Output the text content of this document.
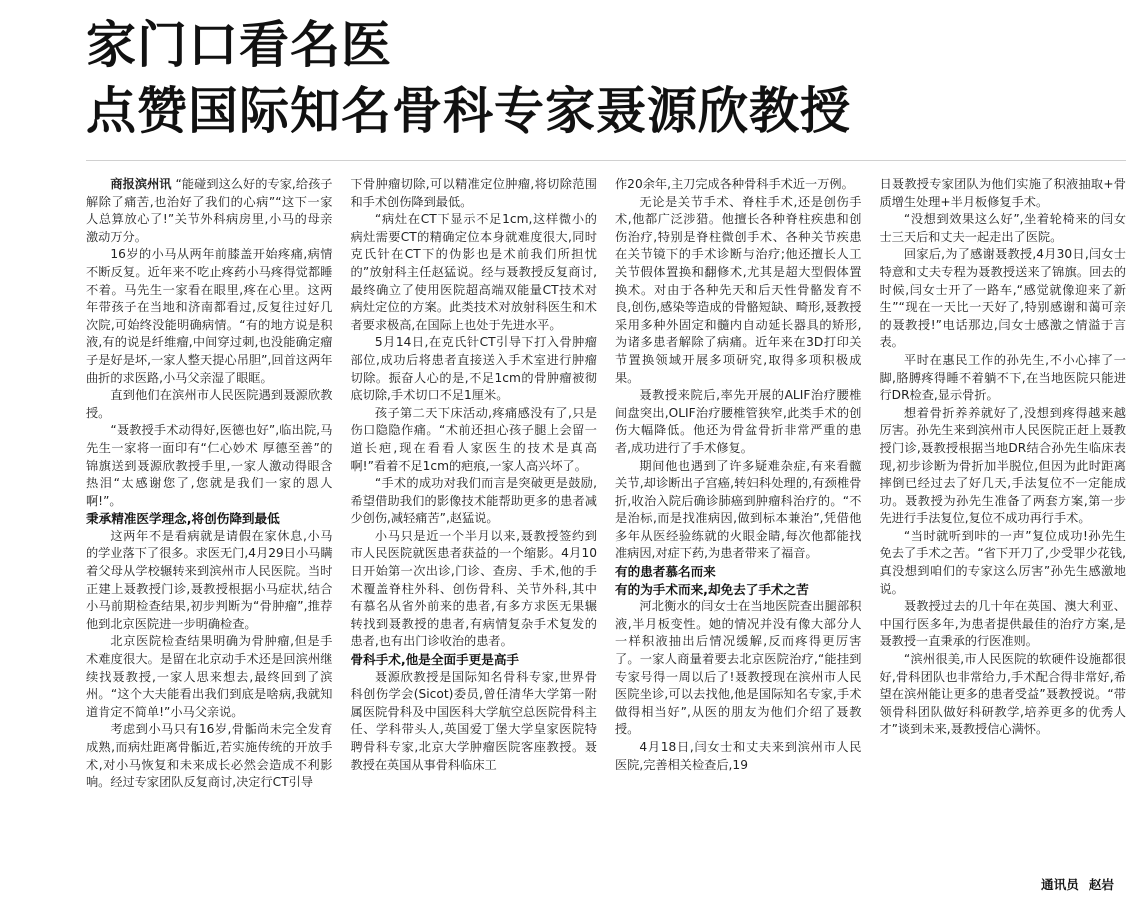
家门口看名医
点赞国际知名骨科专家聂源欣教授

商报滨州讯 “能碰到这么好的专家,给孩子解除了痛苦,也治好了我们的心病”“这下一家人总算放心了!”关节外科病房里,小马的母亲激动万分。

16岁的小马从两年前膝盖开始疼痛,病情不断反复。近年来不吃止疼药小马疼得觉都睡不着。马先生一家看在眼里,疼在心里。这两年带孩子在当地和济南都看过,反复往过好几次院,可始终没能明确病情。“有的地方说是积液,有的说是纤维瘤,中间穿过刺,也没能确定瘤子是好是坏,一家人整天提心吊胆”,回首这两年曲折的求医路,小马父亲湿了眼眶。

直到他们在滨州市人民医院遇到聂源欣教授。

“聂教授手术动得好,医德也好”,临出院,马先生一家将一面印有“仁心妙术 厚德至善”的锦旗送到聂源欣教授手里,一家人激动得眼含热泪“太感谢您了,您就是我们一家的恩人啊!”。

秉承精准医学理念,将创伤降到最低

这两年不是看病就是请假在家休息,小马的学业落下了很多。求医无门,4月29日小马瞒着父母从学校辗转来到滨州市人民医院。当时正建上聂教授门诊,聂教授根据小马症状,结合小马前期检查结果,初步判断为“骨肿瘤”,推荐他到北京医院进一步明确检查。

北京医院检查结果明确为骨肿瘤,但是手术难度很大。是留在北京动手术还是回滨州继续找聂教授,一家人思来想去,最终回到了滨州。“这个大夫能看出我们到底是啥病,我就知道肯定不简单!”小马父亲说。

考虑到小马只有16岁,骨骺尚未完全发育成熟,而病灶距离骨骺近,若实施传统的开放手术,对小马恢复和未来成长必然会造成不利影响。经过专家团队反复商讨,决定行CT引导

下骨肿瘤切除,可以精准定位肿瘤,将切除范围和手术创伤降到最低。

“病灶在CT下显示不足1cm,这样微小的病灶需要CT的精确定位本身就难度很大,同时克氏针在CT下的伪影也是术前我们所担忧的”放射科主任赵猛说。经与聂教授反复商讨,最终确立了使用医院超高端双能量CT技术对病灶定位的方案。此类技术对放射科医生和术者要求极高,在国际上也处于先进水平。

5月14日,在克氏针CT引导下打入骨肿瘤部位,成功后将患者直接送入手术室进行肿瘤切除。振奋人心的是,不足1cm的骨肿瘤被彻底切除,手术切口不足1厘米。

孩子第二天下床活动,疼痛感没有了,只是伤口隐隐作痛。“术前还担心孩子腿上会留一道长疤,现在看看人家医生的技术是真高啊!”看着不足1cm的疤痕,一家人高兴坏了。

“手术的成功对我们而言是突破更是鼓励,希望借助我们的影像技术能帮助更多的患者减少创伤,减轻痛苦”,赵猛说。

小马只是近一个半月以来,聂教授签约到市人民医院就医患者获益的一个缩影。4月10日开始第一次出诊,门诊、查房、手术,他的手术覆盖脊柱外科、创伤骨科、关节外科,其中有慕名从省外前来的患者,有多方求医无果辗转找到聂教授的患者,有病情复杂手术复发的患者,也有出门诊收治的患者。

骨科手术,他是全面手更是高手

聂源欣教授是国际知名骨科专家,世界骨科创伤学会(Sicot)委员,曾任清华大学第一附属医院骨科及中国医科大学航空总医院骨科主任、学科带头人,英国爱丁堡大学皇家医院特聘骨科专家,北京大学肿瘤医院客座教授。聂教授在英国从事骨科临床工

作20余年,主刀完成各种骨科手术近一万例。

无论是关节手术、脊柱手术,还是创伤手术,他都广泛涉猎。他擅长各种脊柱疾患和创伤治疗,特别是脊柱微创手术、各种关节疾患在关节镜下的手术诊断与治疗;他还擅长人工关节假体置换和翻修术,尤其是超大型假体置换术。对由于各种先天和后天性骨骼发育不良,创伤,感染等造成的骨骼短缺、畸形,聂教授采用多种外固定和髓内自动延长器具的矫形,为诸多患者解除了病痛。近年来在3D打印关节置换领域开展多项研究,取得多项积极成果。

聂教授来院后,率先开展的ALIF治疗腰椎间盘突出,OLIF治疗腰椎管狭窄,此类手术的创伤大幅降低。他还为骨盆骨折非常严重的患者,成功进行了手术修复。

期间他也遇到了许多疑难杂症,有来看髋关节,却诊断出子宫癌,转妇科处理的,有颈椎骨折,收治入院后确诊肺癌到肿瘤科治疗的。“不是治标,而是找准病因,做到标本兼治”,凭借他多年从医经验练就的火眼金睛,每次他都能找准病因,对症下药,为患者带来了福音。

有的患者慕名而来

有的为手术而来,却免去了手术之苦

河北衡水的闫女士在当地医院查出腿部积液,半月板变性。她的情况并没有像大部分人一样积液抽出后情况缓解,反而疼得更厉害了。一家人商量着要去北京医院治疗,“能挂到专家号得一周以后了!聂教授现在滨州市人民医院坐诊,可以去找他,他是国际知名专家,手术做得相当好”,从医的朋友为他们介绍了聂教授。

4月18日,闫女士和丈夫来到滨州市人民医院,完善相关检查后,19

日聂教授专家团队为他们实施了积液抽取+骨质增生处理+半月板修复手术。

“没想到效果这么好”,坐着轮椅来的闫女士三天后和丈夫一起走出了医院。

回家后,为了感谢聂教授,4月30日,闫女士特意和丈夫专程为聂教授送来了锦旗。回去的时候,闫女士开了一路车,“感觉就像迎来了新生”“现在一天比一天好了,特别感谢和蔼可亲的聂教授!”电话那边,闫女士感激之情溢于言表。

平时在惠民工作的孙先生,不小心摔了一脚,胳膊疼得睡不着躺不下,在当地医院只能进行DR检查,显示骨折。

想着骨折养养就好了,没想到疼得越来越厉害。孙先生来到滨州市人民医院正赶上聂教授门诊,聂教授根据当地DR结合孙先生临床表现,初步诊断为骨折加半脱位,但因为此时距离摔倒已经过去了好几天,手法复位不一定能成功。聂教授为孙先生准备了两套方案,第一步先进行手法复位,复位不成功再行手术。

“当时就听到咔的一声”复位成功!孙先生免去了手术之苦。“省下开刀了,少受罪少花钱,真没想到咱们的专家这么厉害”孙先生感激地说。

聂教授过去的几十年在英国、澳大利亚、中国行医多年,为患者提供最佳的治疗方案,是聂教授一直秉承的行医准则。

“滨州很美,市人民医院的软硬件设施都很好,骨科团队也非常给力,手术配合得非常好,希望在滨州能让更多的患者受益”聂教授说。“带领骨科团队做好科研教学,培养更多的优秀人才”谈到未来,聂教授信心满怀。

通讯员 赵岩
